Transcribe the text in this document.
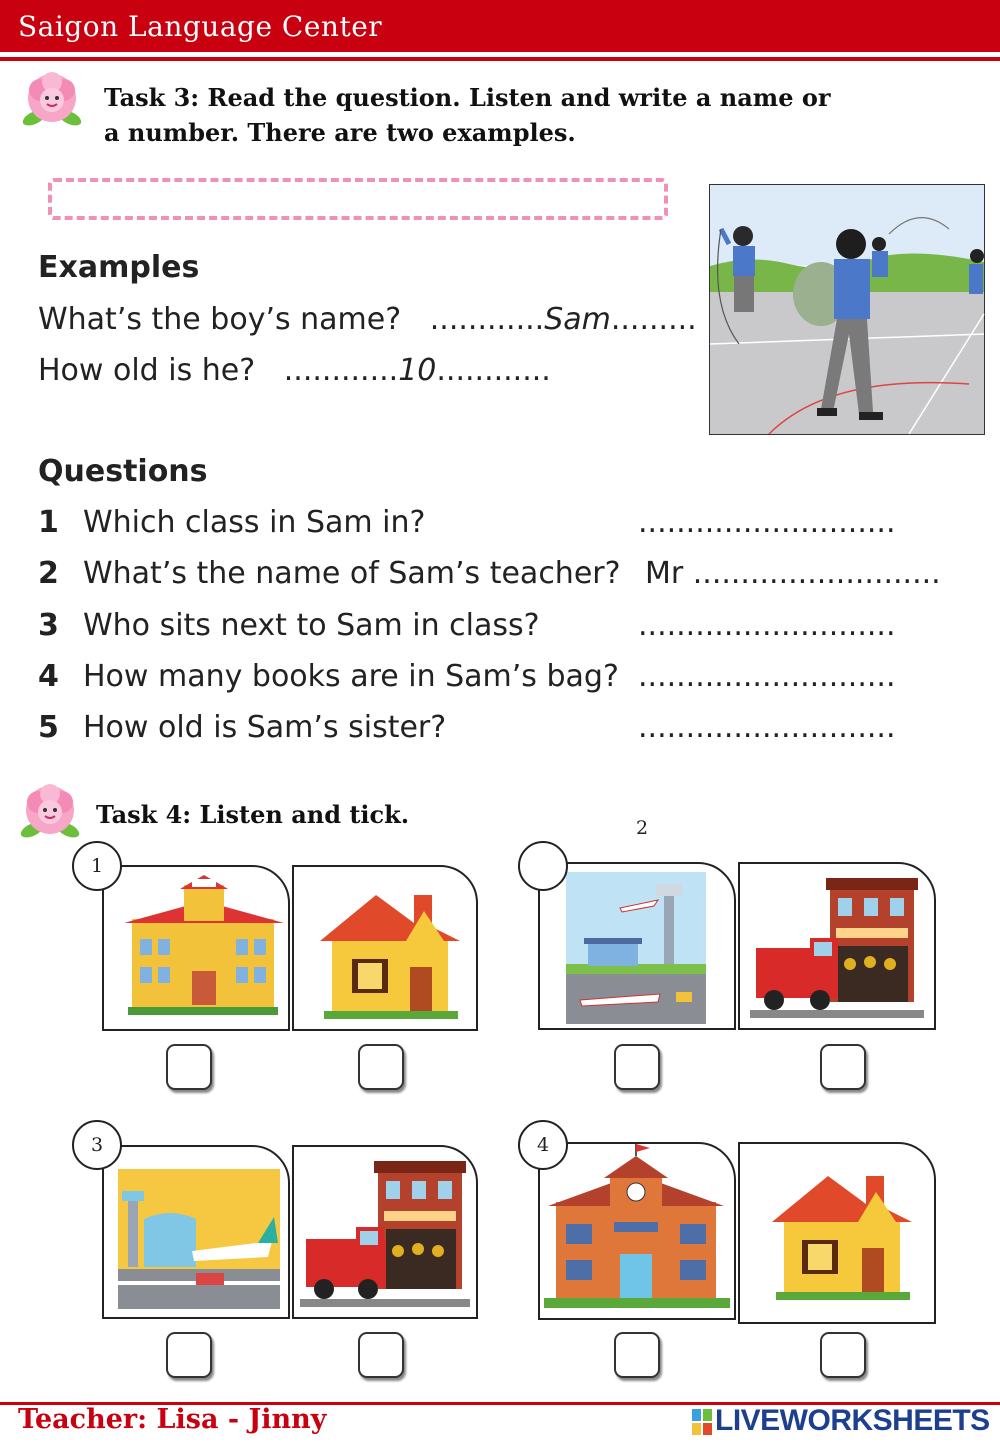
Saigon Language Center
Task 3: Read the question. Listen and write a name or
a number. There are two examples.
Examples
What’s the boy’s name? ............Sam.........
How old is he? ............10............
Questions
1 Which class in Sam in?	...........................
2 What’s the name of Sam’s teacher? Mr ..........................
3 Who sits next to Sam in class?	...........................
4 How many books are in Sam’s bag? ...........................
5 How old is Sam’s sister?	...........................
Task 4: Listen and tick.
1
2
3	4
Teacher: Lisa - Jinny	LIVEWORKSHEETS
